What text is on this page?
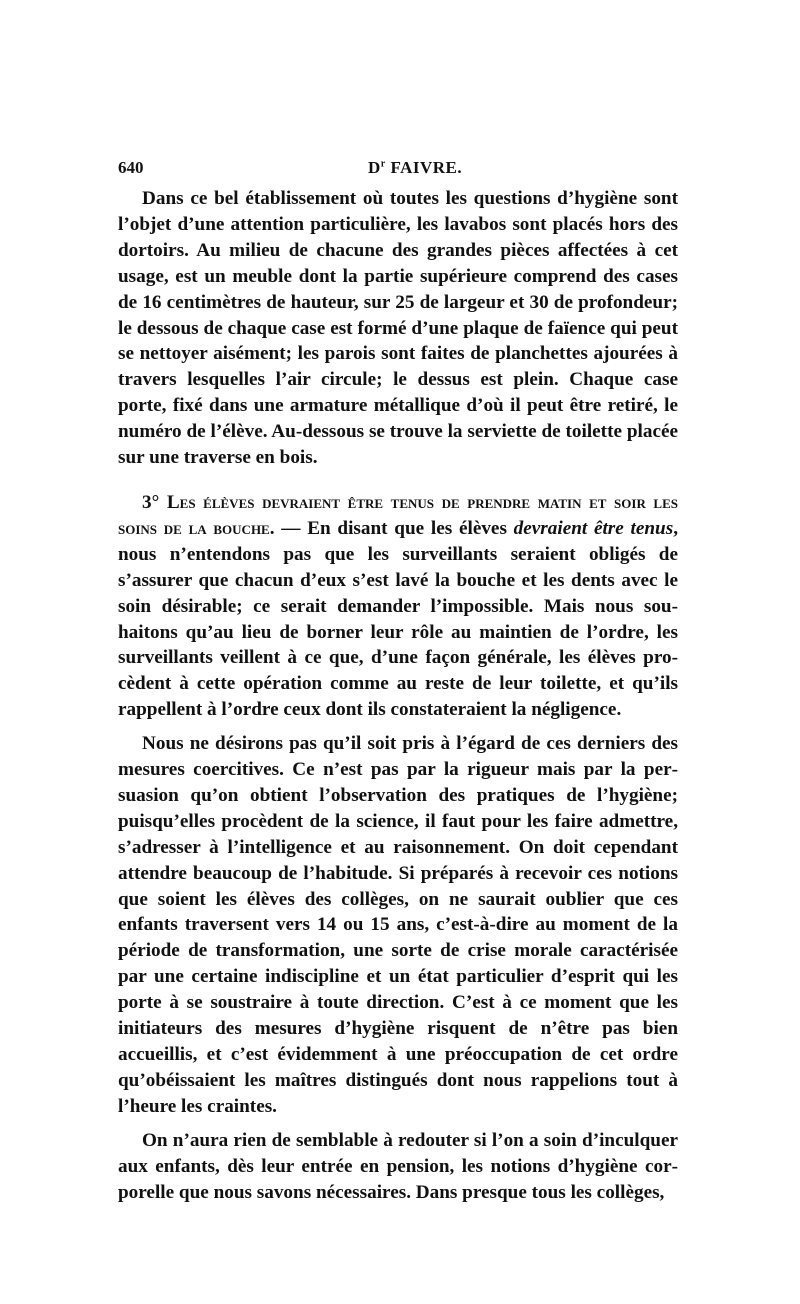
640	$D^r$ FAIVRE.

Dans ce bel établissement où toutes les questions d’hygiène sont l’objet d’une attention particulière, les lavabos sont placés hors des dortoirs. Au milieu de chacune des grandes pièces affectées à cet usage, est un meuble dont la partie supérieure comprend des cases de 16 centimètres de hauteur, sur 25 de largeur et 30 de profondeur; le dessous de chaque case est formé d’une plaque de faïence qui peut se nettoyer aisément; les parois sont faites de planchettes ajourées à travers lesquelles l’air circule; le dessus est plein. Chaque case porte, fixé dans une armature métallique d’où il peut être retiré, le numéro de l’élève. Au-dessous se trouve la serviette de toilette placée sur une traverse en bois.

3° Les élèves devraient être tenus de prendre matin et soir les soins de la bouche. — En disant que les élèves devraient être tenus, nous n’entendons pas que les surveillants seraient obligés de s’assurer que chacun d’eux s’est lavé la bouche et les dents avec le soin désirable; ce serait demander l’impossible. Mais nous souhaitons qu’au lieu de borner leur rôle au maintien de l’ordre, les surveillants veillent à ce que, d’une façon générale, les élèves procèdent à cette opération comme au reste de leur toilette, et qu’ils rappellent à l’ordre ceux dont ils constateraient la négligence.

Nous ne désirons pas qu’il soit pris à l’égard de ces derniers des mesures coercitives. Ce n’est pas par la rigueur mais par la persuasion qu’on obtient l’observation des pratiques de l’hygiène; puisqu’elles procèdent de la science, il faut pour les faire admettre, s’adresser à l’intelligence et au raisonnement. On doit cependant attendre beaucoup de l’habitude. Si préparés à recevoir ces notions que soient les élèves des collèges, on ne saurait oublier que ces enfants traversent vers 14 ou 15 ans, c’est-à-dire au moment de la période de transformation, une sorte de crise morale caractérisée par une certaine indiscipline et un état particulier d’esprit qui les porte à se soustraire à toute direction. C’est à ce moment que les initiateurs des mesures d’hygiène risquent de n’être pas bien accueillis, et c’est évidemment à une préoccupation de cet ordre qu’obéissaient les maîtres distingués dont nous rappelions tout à l’heure les craintes.

On n’aura rien de semblable à redouter si l’on a soin d’inculquer aux enfants, dès leur entrée en pension, les notions d’hygiène corporelle que nous savons nécessaires. Dans presque tous les collèges,
